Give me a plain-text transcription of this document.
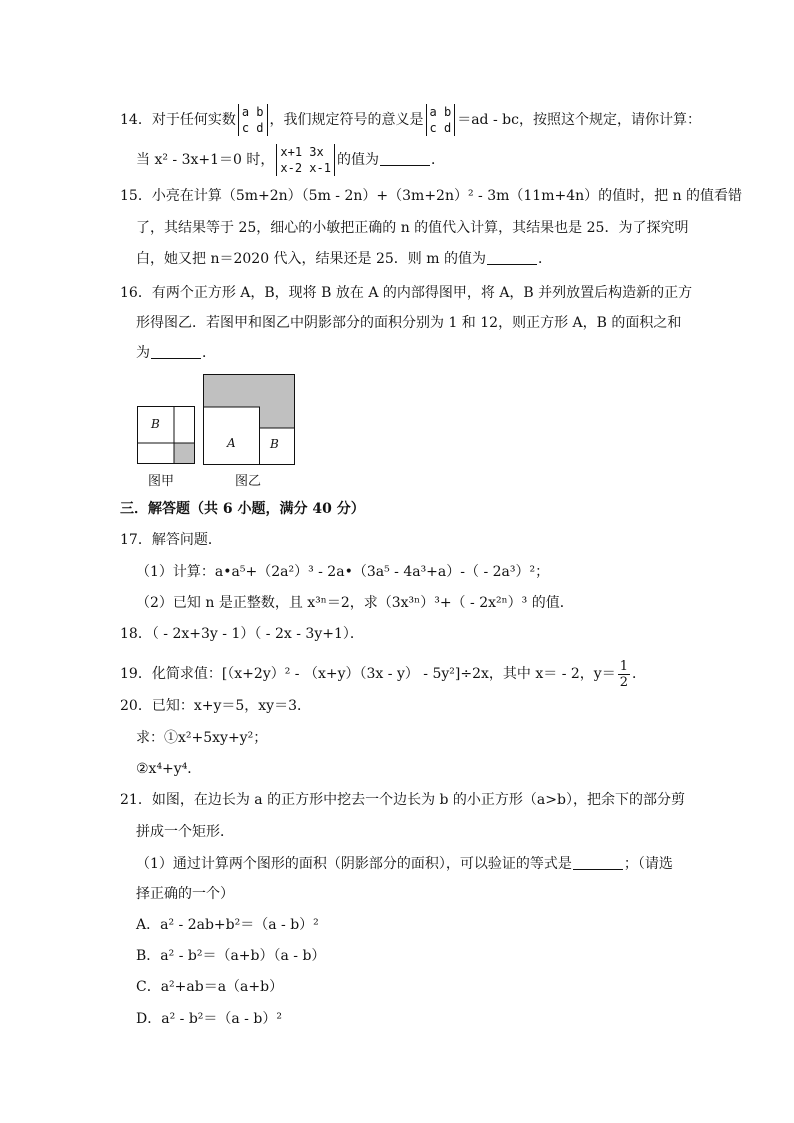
14．对于任何实数 a b
c d ，我们规定符号的意义是 a b
c d ＝ad - bc，按照这个规定，请你计算：
当 x² - 3x+1＝0 时， x+1 3x
x-2 x-1 的值为	．
15．小亮在计算（5m+2n）（5m - 2n）+（3m+2n）² - 3m（11m+4n）的值时，把 n 的值看错
了，其结果等于 25，细心的小敏把正确的 n 的值代入计算，其结果也是 25．为了探究明
白，她又把 n＝2020 代入，结果还是 25．则 m 的值为	．
16．有两个正方形 A，B，现将 B 放在 A 的内部得图甲，将 A，B 并列放置后构造新的正方
形得图乙．若图甲和图乙中阴影部分的面积分别为 1 和 12，则正方形 A，B 的面积之和
为	．
B
图甲
A	B
图乙
三．解答题（共 6 小题，满分 40 分）
17．解答问题．
（1）计算：a•a⁵+（2a²）³ - 2a•（3a⁵ - 4a³+a）-（ - 2a³）²；
（2）已知 n 是正整数，且 x³ⁿ＝2，求（3x³ⁿ）³+（ - 2x²ⁿ）³ 的值．
18．（ - 2x+3y - 1）（ - 2x - 3y+1）．
19．化简求值：[（x+2y）² - （x+y）（3x - y） - 5y²]÷2x，其中 x＝ - 2，$y= \frac{1}{2}$ ．
20．已知：x+y＝5，xy＝3．
求：①x²+5xy+y²；
②x⁴+y⁴．
21．如图，在边长为 a 的正方形中挖去一个边长为 b 的小正方形（a>b），把余下的部分剪
拼成一个矩形．
（1）通过计算两个图形的面积（阴影部分的面积），可以验证的等式是	；（请选
择正确的一个）
A．a² - 2ab+b²＝（a - b）²
B．a² - b²＝（a+b）（a - b）
C．a²+ab＝a（a+b）
D．a² - b²＝（a - b）²
